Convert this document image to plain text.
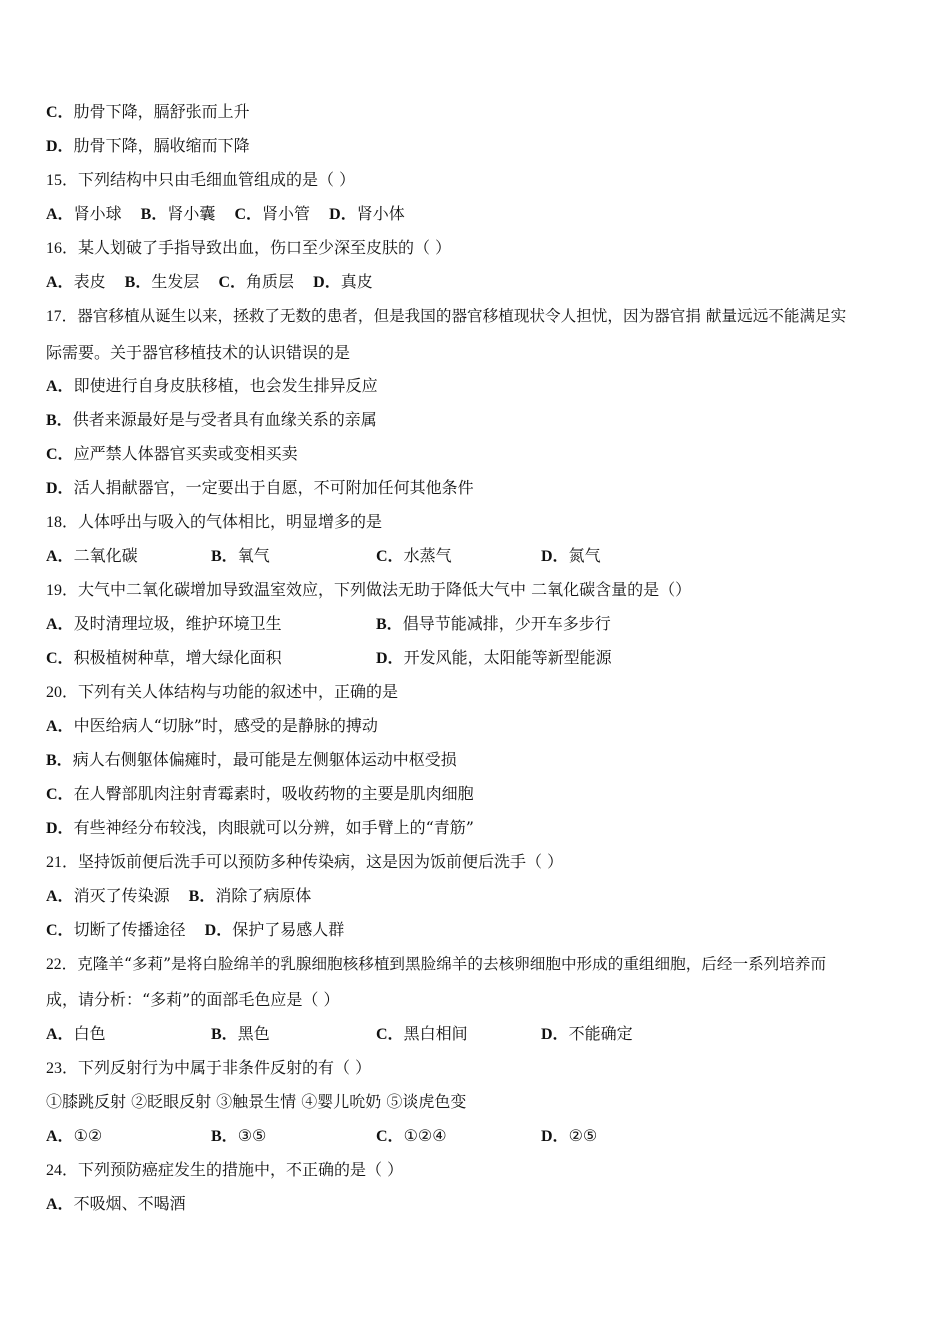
C．肋骨下降，膈舒张而上升
D．肋骨下降，膈收缩而下降
15．下列结构中只由毛细血管组成的是（ ）
A．肾小球 B．肾小囊 C．肾小管 D．肾小体
16．某人划破了手指导致出血，伤口至少深至皮肤的（ ）
A．表皮 B．生发层 C．角质层 D．真皮
17．器官移植从诞生以来，拯救了无数的患者，但是我国的器官移植现状令人担忧，因为器官捐 献量远远不能满足实
际需要。关于器官移植技术的认识错误的是
A．即使进行自身皮肤移植，也会发生排异反应
B．供者来源最好是与受者具有血缘关系的亲属
C．应严禁人体器官买卖或变相买卖
D．活人捐献器官，一定要出于自愿，不可附加任何其他条件
18．人体呼出与吸入的气体相比，明显增多的是
A．二氧化碳	B．氧气	C．水蒸气	D．氮气
19．大气中二氧化碳增加导致温室效应，下列做法无助于降低大气中 二氧化碳含量的是（）
A．及时清理垃圾，维护环境卫生	B．倡导节能减排，少开车多步行
C．积极植树种草，增大绿化面积	D．开发风能，太阳能等新型能源
20．下列有关人体结构与功能的叙述中，正确的是
A．中医给病人“切脉”时，感受的是静脉的搏动
B．病人右侧躯体偏瘫时，最可能是左侧躯体运动中枢受损
C．在人臀部肌肉注射青霉素时，吸收药物的主要是肌肉细胞
D．有些神经分布较浅，肉眼就可以分辨，如手臂上的“青筋”
21．坚持饭前便后洗手可以预防多种传染病，这是因为饭前便后洗手（ ）
A．消灭了传染源 B．消除了病原体
C．切断了传播途径 D．保护了易感人群
22．克隆羊“多莉”是将白脸绵羊的乳腺细胞核移植到黑脸绵羊的去核卵细胞中形成的重组细胞，后经一系列培养而
成，请分析：“多莉”的面部毛色应是（ ）
A．白色	B．黑色	C．黑白相间	D．不能确定
23．下列反射行为中属于非条件反射的有（ ）
①膝跳反射 ②眨眼反射 ③触景生情 ④婴儿吮奶 ⑤谈虎色变
A．①②	B．③⑤	C．①②④	D．②⑤
24．下列预防癌症发生的措施中，不正确的是（ ）
A．不吸烟、不喝酒
